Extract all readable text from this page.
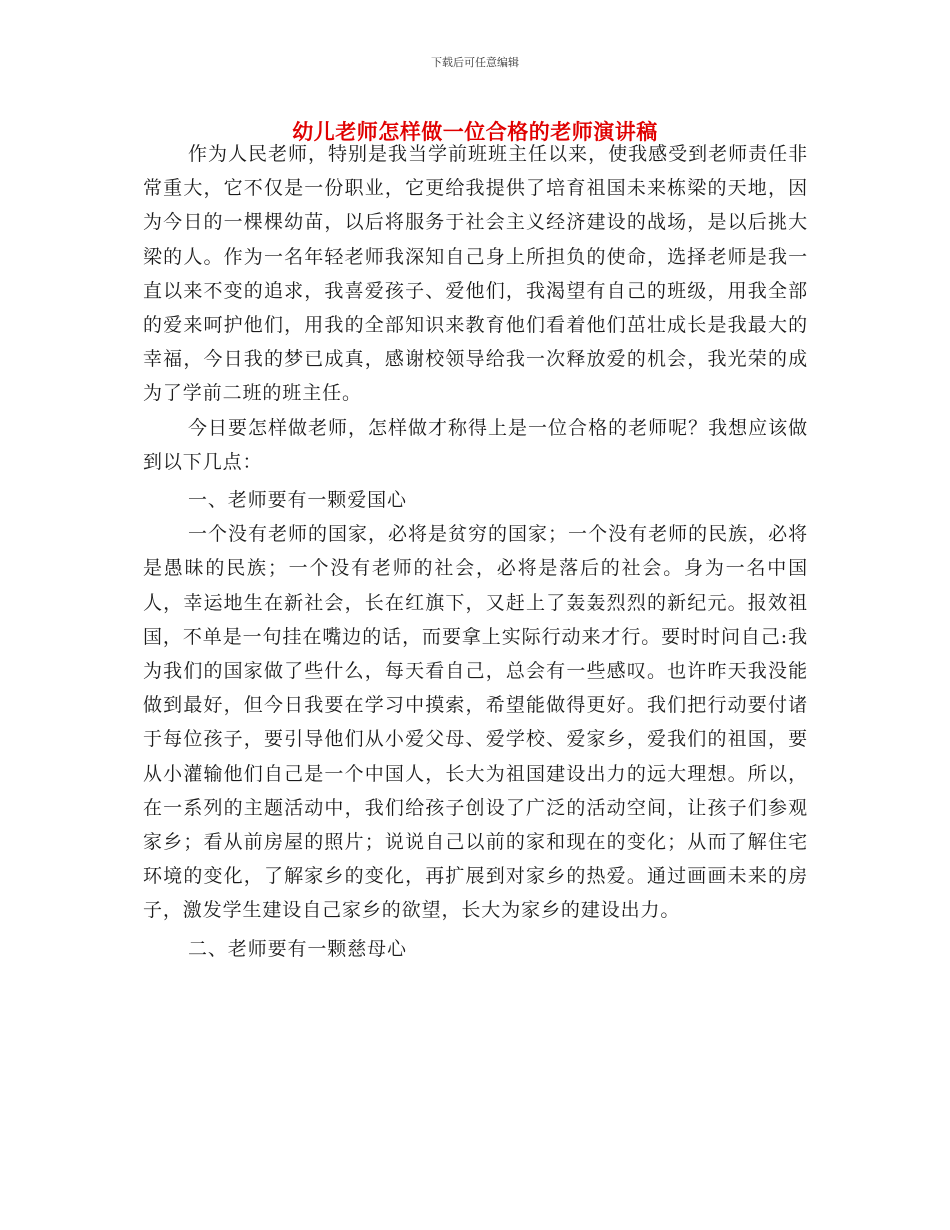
下载后可任意编辑
幼儿老师怎样做一位合格的老师演讲稿

作为人民老师，特别是我当学前班班主任以来，使我感受到老师责任非常重大，它不仅是一份职业，它更给我提供了培育祖国未来栋梁的天地，因为今日的一棵棵幼苗，以后将服务于社会主义经济建设的战场，是以后挑大梁的人。作为一名年轻老师我深知自己身上所担负的使命，选择老师是我一直以来不变的追求，我喜爱孩子、爱他们，我渴望有自己的班级，用我全部的爱来呵护他们，用我的全部知识来教育他们看着他们茁壮成长是我最大的幸福，今日我的梦已成真，感谢校领导给我一次释放爱的机会，我光荣的成为了学前二班的班主任。

今日要怎样做老师，怎样做才称得上是一位合格的老师呢？我想应该做到以下几点：

一、老师要有一颗爱国心

一个没有老师的国家，必将是贫穷的国家；一个没有老师的民族，必将是愚昧的民族；一个没有老师的社会，必将是落后的社会。身为一名中国人，幸运地生在新社会，长在红旗下，又赶上了轰轰烈烈的新纪元。报效祖国，不单是一句挂在嘴边的话，而要拿上实际行动来才行。要时时问自己:我为我们的国家做了些什么，每天看自己，总会有一些感叹。也许昨天我没能做到最好，但今日我要在学习中摸索，希望能做得更好。我们把行动要付诸于每位孩子，要引导他们从小爱父母、爱学校、爱家乡，爱我们的祖国，要从小灌输他们自己是一个中国人，长大为祖国建设出力的远大理想。所以，在一系列的主题活动中，我们给孩子创设了广泛的活动空间，让孩子们参观家乡；看从前房屋的照片；说说自己以前的家和现在的变化；从而了解住宅环境的变化，了解家乡的变化，再扩展到对家乡的热爱。通过画画未来的房子，激发学生建设自己家乡的欲望，长大为家乡的建设出力。

二、老师要有一颗慈母心
